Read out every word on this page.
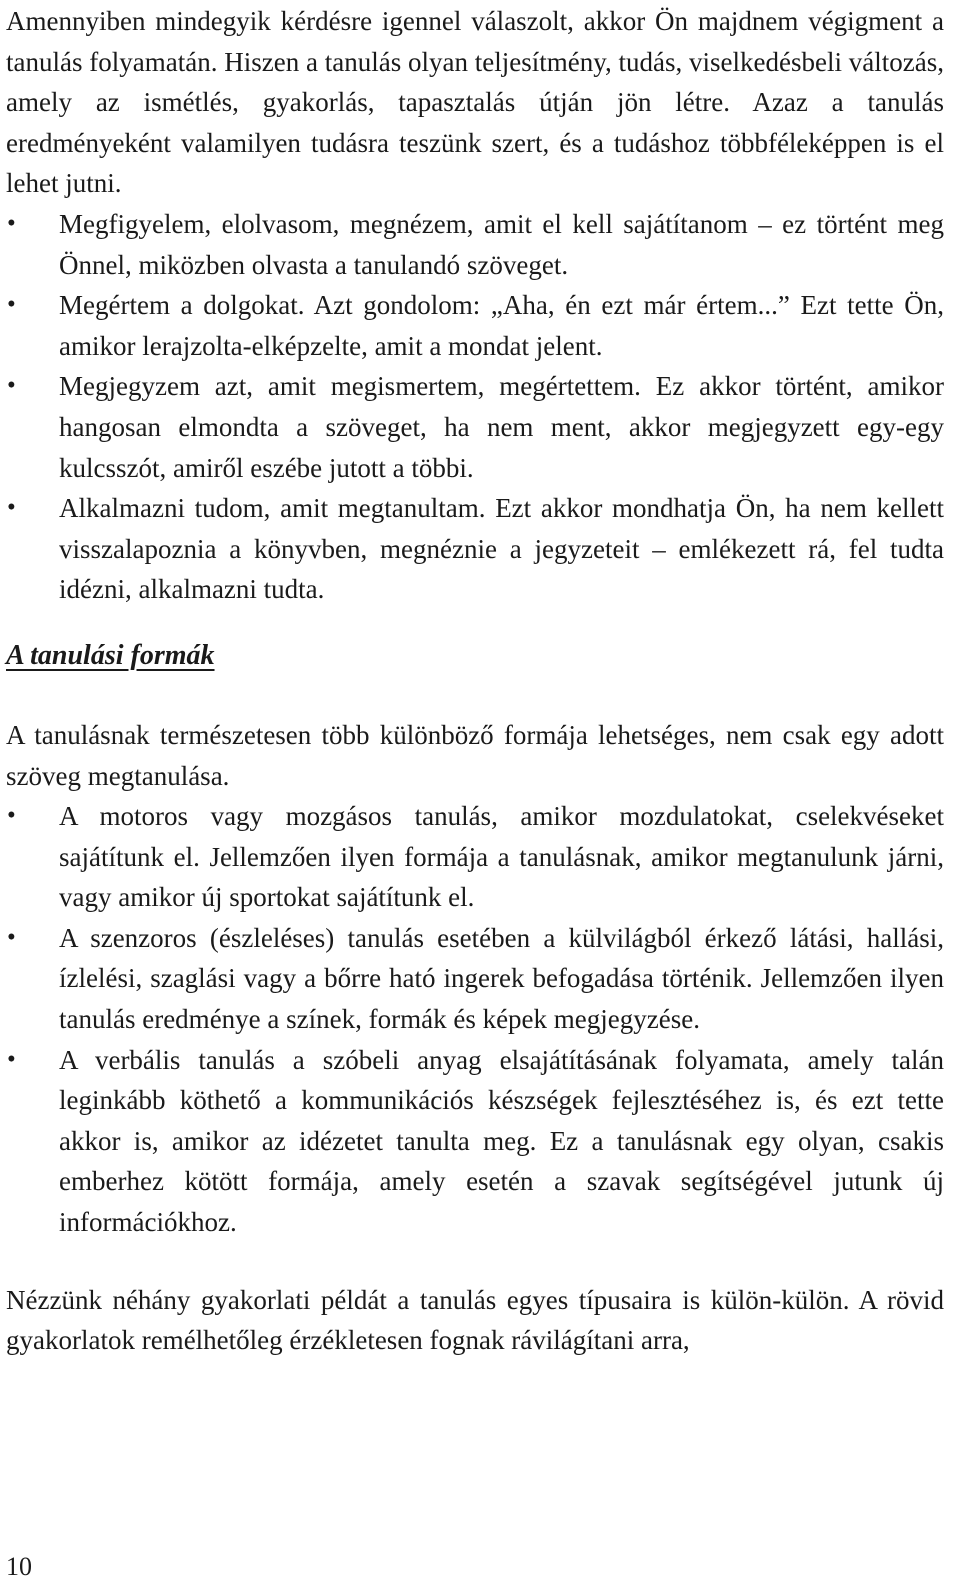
Amennyiben mindegyik kérdésre igennel válaszolt, akkor Ön majdnem végigment a tanulás folyamatán. Hiszen a tanulás olyan teljesítmény, tudás, viselkedésbeli változás, amely az ismétlés, gyakorlás, tapasztalás útján jön létre. Azaz a tanulás eredményeként valamilyen tudásra teszünk szert, és a tudáshoz többféleképpen is el lehet jutni.

• Megfigyelem, elolvasom, megnézem, amit el kell sajátítanom – ez történt meg Önnel, miközben olvasta a tanulandó szöveget.
• Megértem a dolgokat. Azt gondolom: „Aha, én ezt már értem...” Ezt tette Ön, amikor lerajzolta-elképzelte, amit a mondat jelent.
• Megjegyzem azt, amit megismertem, megértettem. Ez akkor történt, amikor hangosan elmondta a szöveget, ha nem ment, akkor megjegyzett egy-egy kulcsszót, amiről eszébe jutott a többi.
• Alkalmazni tudom, amit megtanultam. Ezt akkor mondhatja Ön, ha nem kellett visszalapoznia a könyvben, megnéznie a jegyzeteit – emlékezett rá, fel tudta idézni, alkalmazni tudta.

A tanulási formák

A tanulásnak természetesen több különböző formája lehetséges, nem csak egy adott szöveg megtanulása.

• A motoros vagy mozgásos tanulás, amikor mozdulatokat, cselekvéseket sajátítunk el. Jellemzően ilyen formája a tanulásnak, amikor megtanulunk járni, vagy amikor új sportokat sajátítunk el.
• A szenzoros (észleléses) tanulás esetében a külvilágból érkező látási, hallási, ízlelési, szaglási vagy a bőrre ható ingerek befogadása történik. Jellemzően ilyen tanulás eredménye a színek, formák és képek megjegyzése.
• A verbális tanulás a szóbeli anyag elsajátításának folyamata, amely talán leginkább köthető a kommunikációs készségek fejlesztéséhez is, és ezt tette akkor is, amikor az idézetet tanulta meg. Ez a tanulásnak egy olyan, csakis emberhez kötött formája, amely esetén a szavak segítségével jutunk új információkhoz.

Nézzünk néhány gyakorlati példát a tanulás egyes típusaira is külön-külön. A rövid gyakorlatok remélhetőleg érzékletesen fognak rávilágítani arra,

10
